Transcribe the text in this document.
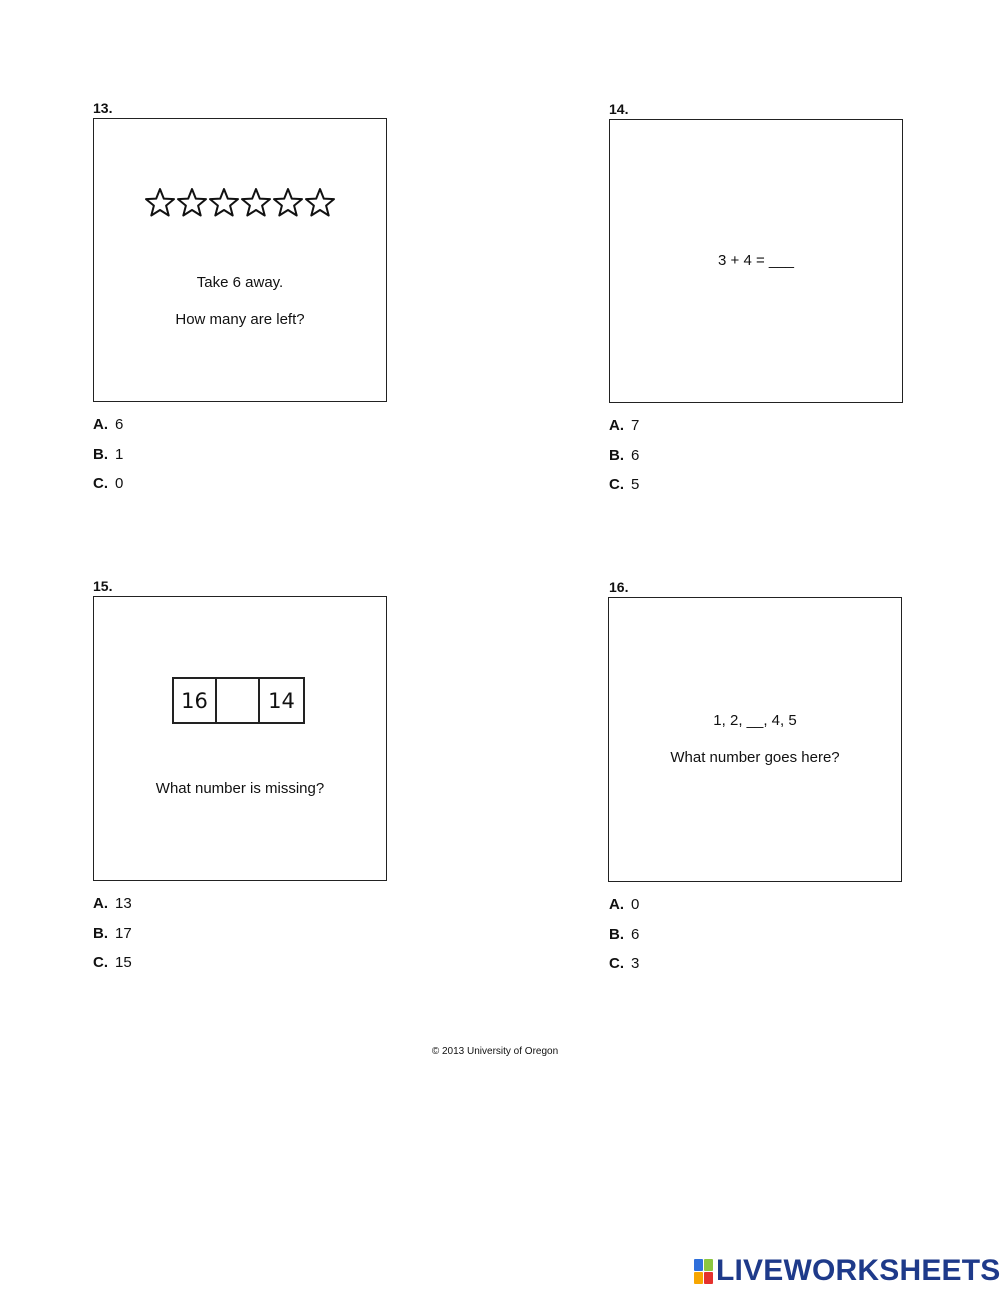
13.
Take 6 away.
How many are left?
A. 6
B. 1
C. 0
14.
3 + 4 = ___
A. 7
B. 6
C. 5
15.
16	14
What number is missing?
A. 13
B. 17
C. 15
16.
1, 2, __, 4, 5
What number goes here?
A. 0
B. 6
C. 3
© 2013 University of Oregon
LIVEWORKSHEETS
